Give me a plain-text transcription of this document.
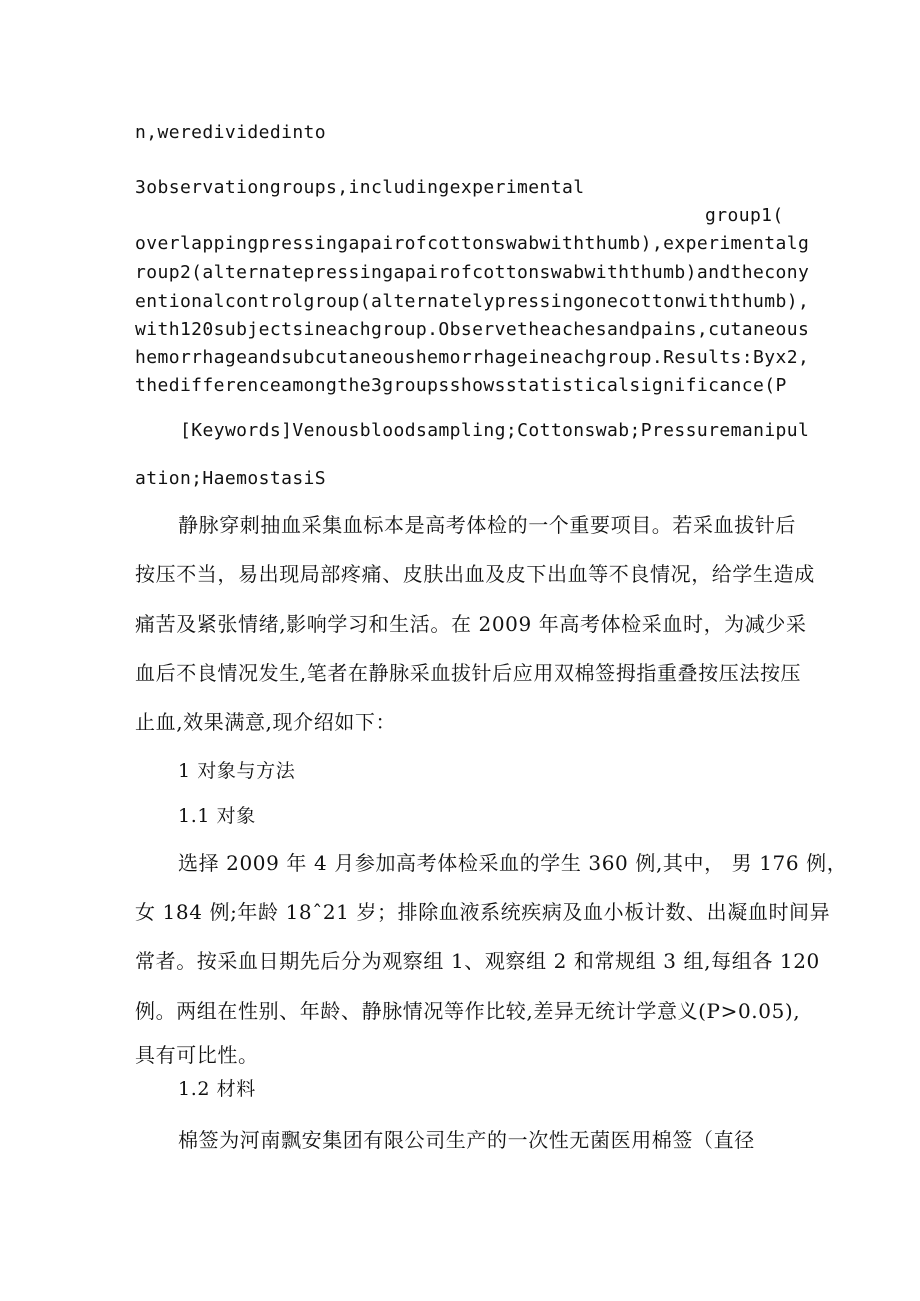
n,weredividedinto

3observationgroups,includingexperimental

group1(

overlappingpressingapairofcottonswabwiththumb),experimentalg

roup2(alternatepressingapairofcottonswabwiththumb)andthecony

entionalcontrolgroup(alternatelypressingonecottonwiththumb),

with120subjectsineachgroup.Observetheachesandpains,cutaneous

hemorrhageandsubcutaneoushemorrhageineachgroup.Results:Byx2,

thedifferenceamongthe3groupsshowsstatisticalsignificance(P

[Keywords]Venousbloodsampling;Cottonswab;Pressuremanipul

ation;HaemostasiS

静脉穿刺抽血采集血标本是高考体检的一个重要项目。若采血拔针后

按压不当，易出现局部疼痛、皮肤出血及皮下出血等不良情况，给学生造成

痛苦及紧张情绪,影响学习和生活。在 2009 年高考体检采血时，为减少采

血后不良情况发生,笔者在静脉采血拔针后应用双棉签拇指重叠按压法按压

止血,效果满意,现介绍如下：

1 对象与方法

1.1 对象

选择 2009 年 4 月参加高考体检采血的学生 360 例,其中， 男 176 例，

女 184 例;年龄 18ˆ21 岁；排除血液系统疾病及血小板计数、出凝血时间异

常者。按采血日期先后分为观察组 1、观察组 2 和常规组 3 组,每组各 120

例。两组在性别、年龄、静脉情况等作比较,差异无统计学意义(P>0.05),

具有可比性。

1.2 材料

棉签为河南飘安集团有限公司生产的一次性无菌医用棉签（直径
